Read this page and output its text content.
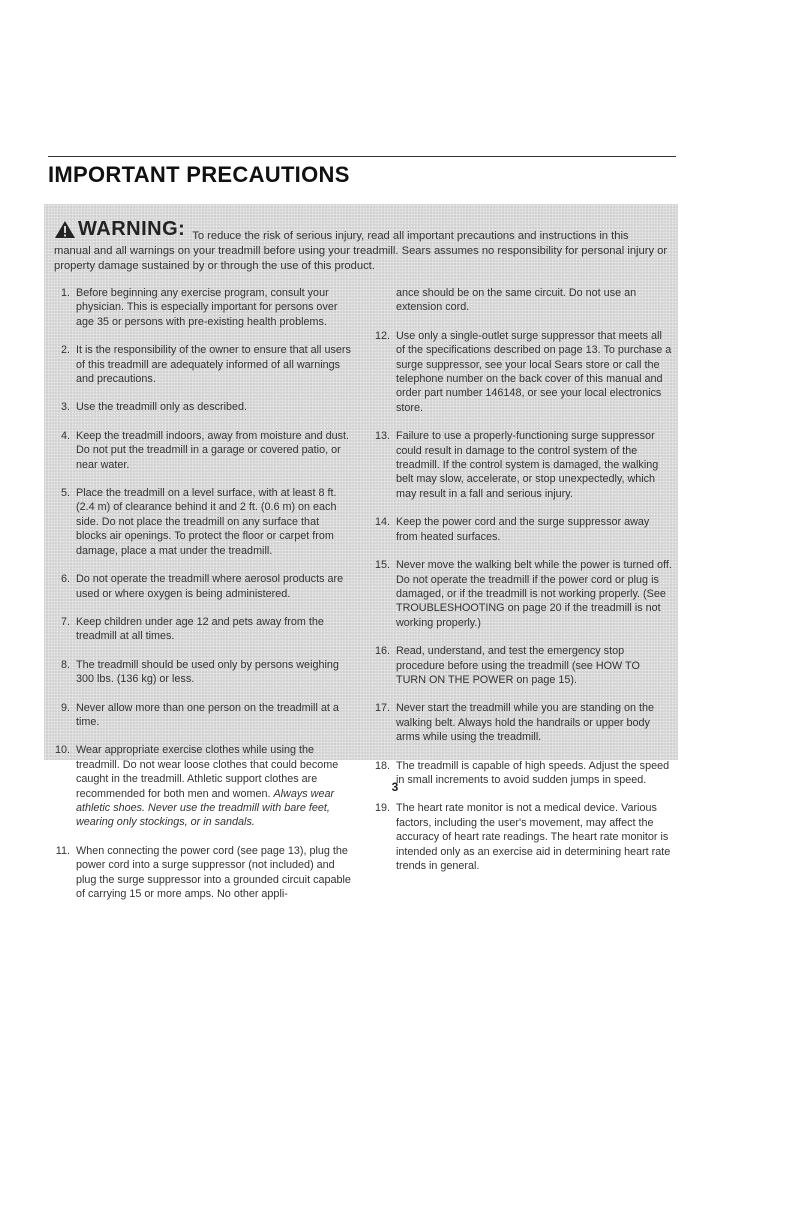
IMPORTANT PRECAUTIONS
WARNING: To reduce the risk of serious injury, read all important precautions and instructions in this manual and all warnings on your treadmill before using your treadmill. Sears assumes no responsibility for personal injury or property damage sustained by or through the use of this product.
1. Before beginning any exercise program, consult your physician. This is especially important for persons over age 35 or persons with pre-existing health problems.
2. It is the responsibility of the owner to ensure that all users of this treadmill are adequately informed of all warnings and precautions.
3. Use the treadmill only as described.
4. Keep the treadmill indoors, away from moisture and dust. Do not put the treadmill in a garage or covered patio, or near water.
5. Place the treadmill on a level surface, with at least 8 ft. (2.4 m) of clearance behind it and 2 ft. (0.6 m) on each side. Do not place the treadmill on any surface that blocks air openings. To protect the floor or carpet from damage, place a mat under the treadmill.
6. Do not operate the treadmill where aerosol products are used or where oxygen is being administered.
7. Keep children under age 12 and pets away from the treadmill at all times.
8. The treadmill should be used only by persons weighing 300 lbs. (136 kg) or less.
9. Never allow more than one person on the treadmill at a time.
10. Wear appropriate exercise clothes while using the treadmill. Do not wear loose clothes that could become caught in the treadmill. Athletic support clothes are recommended for both men and women. Always wear athletic shoes. Never use the treadmill with bare feet, wearing only stockings, or in sandals.
11. When connecting the power cord (see page 13), plug the power cord into a surge suppressor (not included) and plug the surge suppressor into a grounded circuit capable of carrying 15 or more amps. No other appli-
ance should be on the same circuit. Do not use an extension cord.
12. Use only a single-outlet surge suppressor that meets all of the specifications described on page 13. To purchase a surge suppressor, see your local Sears store or call the telephone number on the back cover of this manual and order part number 146148, or see your local electronics store.
13. Failure to use a properly-functioning surge suppressor could result in damage to the control system of the treadmill. If the control system is damaged, the walking belt may slow, accelerate, or stop unexpectedly, which may result in a fall and serious injury.
14. Keep the power cord and the surge suppressor away from heated surfaces.
15. Never move the walking belt while the power is turned off. Do not operate the treadmill if the power cord or plug is damaged, or if the treadmill is not working properly. (See TROUBLESHOOTING on page 20 if the treadmill is not working properly.)
16. Read, understand, and test the emergency stop procedure before using the treadmill (see HOW TO TURN ON THE POWER on page 15).
17. Never start the treadmill while you are standing on the walking belt. Always hold the handrails or upper body arms while using the treadmill.
18. The treadmill is capable of high speeds. Adjust the speed in small increments to avoid sudden jumps in speed.
19. The heart rate monitor is not a medical device. Various factors, including the user's movement, may affect the accuracy of heart rate readings. The heart rate monitor is intended only as an exercise aid in determining heart rate trends in general.
3
